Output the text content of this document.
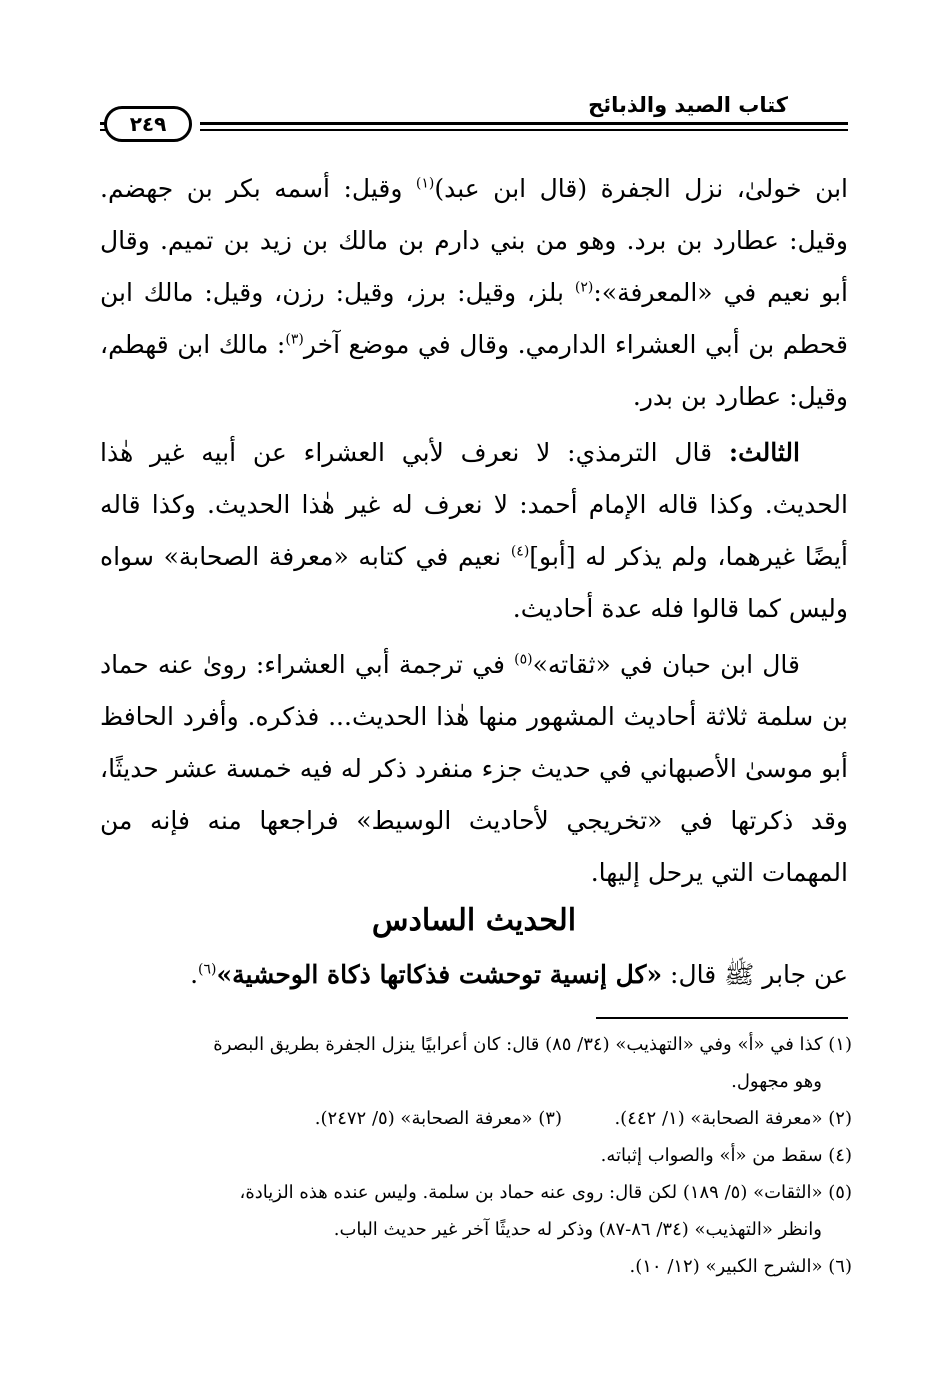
كتاب الصيد والذبائح
٢٤٩

ابن خولىٰ، نزل الجفرة (قال ابن عبد)$^{(١)}$ وقيل: أسمه بكر بن جهضم. وقيل: عطارد بن برد. وهو من بني دارم بن مالك بن زيد بن تميم. وقال أبو نعيم في «المعرفة»:$^{(٢)}$ بلز، وقيل: برز، وقيل: رزن، وقيل: مالك ابن قحطم بن أبي العشراء الدارمي. وقال في موضع آخر$^{(٣)}$: مالك ابن قهطم، وقيل: عطارد بن بدر.

الثالث: قال الترمذي: لا نعرف لأبي العشراء عن أبيه غير هٰذا الحديث. وكذا قاله الإمام أحمد: لا نعرف له غير هٰذا الحديث. وكذا قاله أيضًا غيرهما، ولم يذكر له [أبو]$^{(٤)}$ نعيم في كتابه «معرفة الصحابة» سواه وليس كما قالوا فله عدة أحاديث.

قال ابن حبان في «ثقاته»$^{(٥)}$ في ترجمة أبي العشراء: روىٰ عنه حماد بن سلمة ثلاثة أحاديث المشهور منها هٰذا الحديث... فذكره. وأفرد الحافظ أبو موسىٰ الأصبهاني في حديث جزء منفرد ذكر له فيه خمسة عشر حديثًا، وقد ذكرتها في «تخريجي لأحاديث الوسيط» فراجعها منه فإنه من المهمات التي يرحل إليها.

الحديث السادس
عن جابر ﷺ قال: «كل إنسية توحشت فذكاتها ذكاة الوحشية»$^{(٦)}$.

(١) كذا في «أ» وفي «التهذيب» (٣٤/ ٨٥) قال: كان أعرابيًا ينزل الجفرة بطريق البصرة
وهو مجهول.

(٢) «معرفة الصحابة» (١/ ٤٤٢).
(٣) «معرفة الصحابة» (٥/ ٢٤٧٢).

(٤) سقط من «أ» والصواب إثباته.

(٥) «الثقات» (٥/ ١٨٩) لكن قال: روى عنه حماد بن سلمة. وليس عنده هذه الزيادة،
وانظر «التهذيب» (٣٤/ ٨٦-٨٧) وذكر له حديثًا آخر غير حديث الباب.

(٦) «الشرح الكبير» (١٢/ ١٠).
